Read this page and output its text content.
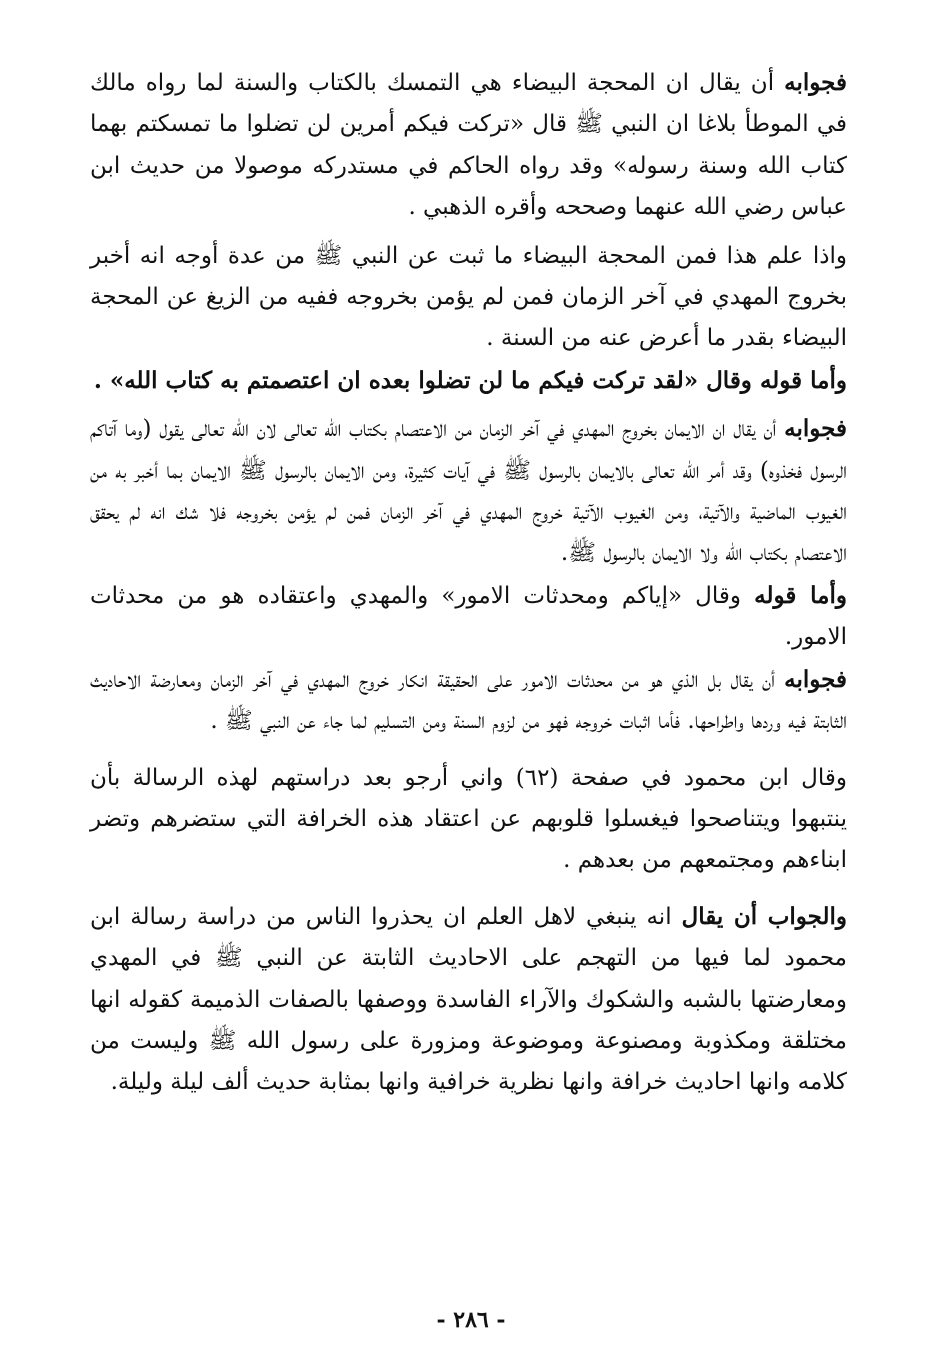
فجوابه أن يقال ان المحجة البيضاء هي التمسك بالكتاب والسنة لما رواه مالك في الموطأ بلاغا ان النبي ﷺ قال «تركت فيكم أمرين لن تضلوا ما تمسكتم بهما كتاب الله وسنة رسوله» وقد رواه الحاكم في مستدركه موصولا من حديث ابن عباس رضي الله عنهما وصححه وأقره الذهبي .

واذا علم هذا فمن المحجة البيضاء ما ثبت عن النبي ﷺ من عدة أوجه انه أخبر بخروج المهدي في آخر الزمان فمن لم يؤمن بخروجه ففيه من الزيغ عن المحجة البيضاء بقدر ما أعرض عنه من السنة .

وأما قوله وقال «لقد تركت فيكم ما لن تضلوا بعده ان اعتصمتم به كتاب الله» .

فجوابه أن يقال ان الايمان بخروج المهدي في آخر الزمان من الاعتصام بكتاب الله تعالى لان الله تعالى يقول (وما آتاكم الرسول فخذوه) وقد أمر الله تعالى بالايمان بالرسول ﷺ في آيات كثيرة، ومن الايمان بالرسول ﷺ الايمان بما أخبر به من الغيوب الماضية والآتية، ومن الغيوب الآتية خروج المهدي في آخر الزمان فمن لم يؤمن بخروجه فلا شك انه لم يحقق الاعتصام بكتاب الله ولا الايمان بالرسول ﷺ.

وأما قوله وقال «إياكم ومحدثات الامور» والمهدي واعتقاده هو من محدثات الامور.

فجوابه أن يقال بل الذي هو من محدثات الامور على الحقيقة انكار خروج المهدي في آخر الزمان ومعارضة الاحاديث الثابتة فيه وردها واطراحها. فأما اثبات خروجه فهو من لزوم السنة ومن التسليم لما جاء عن النبي ﷺ .

وقال ابن محمود في صفحة (٦٢) واني أرجو بعد دراستهم لهذه الرسالة بأن ينتبهوا ويتناصحوا فيغسلوا قلوبهم عن اعتقاد هذه الخرافة التي ستضرهم وتضر ابناءهم ومجتمعهم من بعدهم .

والجواب أن يقال انه ينبغي لاهل العلم ان يحذروا الناس من دراسة رسالة ابن محمود لما فيها من التهجم على الاحاديث الثابتة عن النبي ﷺ في المهدي ومعارضتها بالشبه والشكوك والآراء الفاسدة ووصفها بالصفات الذميمة كقوله انها مختلقة ومكذوبة ومصنوعة وموضوعة ومزورة على رسول الله ﷺ وليست من كلامه وانها احاديث خرافة وانها نظرية خرافية وانها بمثابة حديث ألف ليلة وليلة.

- ٢٨٦ -
